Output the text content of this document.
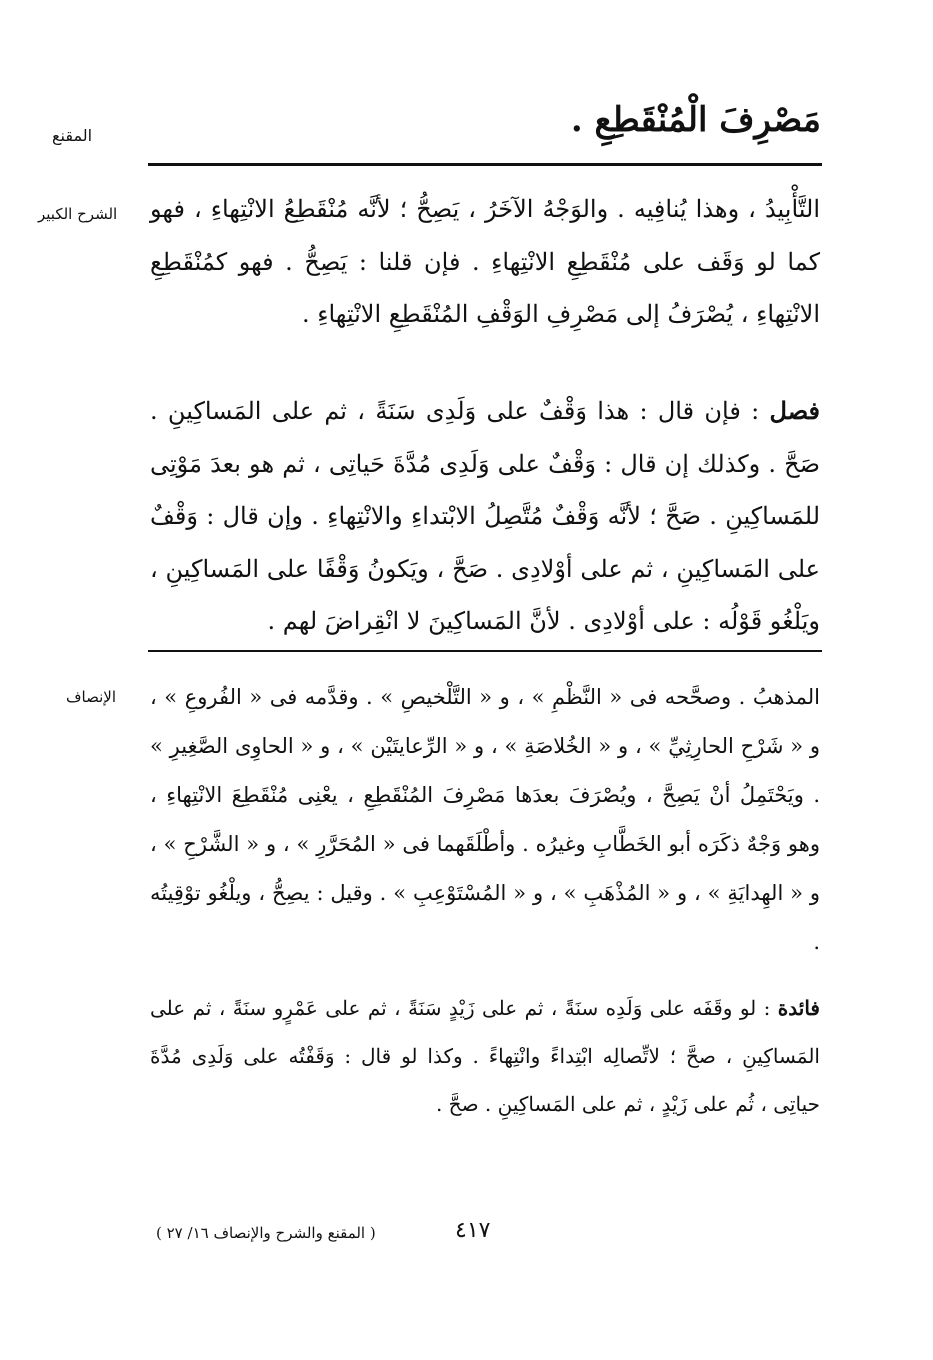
مَصْرِفَ الْمُنْقَطِعِ .
المقنع
الشرح الكبير التَّأْبِيدُ ، وهذا يُنافِيه . والوَجْهُ الآخَرُ ، يَصِحُّ ؛ لأنَّه مُنْقَطِعُ الانْتِهاءِ ، فهو كما لو وَقَف على مُنْقَطِعِ الانْتِهاءِ . فإن قلنا : يَصِحُّ . فهو كمُنْقَطِعِ الانْتِهاءِ ، يُصْرَفُ إلى مَصْرِفِ الوَقْفِ المُنْقَطِعِ الانْتِهاءِ .
فصل : فإن قال : هذا وَقْفٌ على وَلَدِى سَنَةً ، ثم على المَساكِينِ . صَحَّ . وكذلك إن قال : وَقْفٌ على وَلَدِى مُدَّةَ حَياتِى ، ثم هو بعدَ مَوْتِى للمَساكِينِ . صَحَّ ؛ لأنَّه وَقْفٌ مُتَّصِلُ الابْتداءِ والانْتِهاءِ . وإن قال : وَقْفٌ على المَساكِينِ ، ثم على أوْلادِى . صَحَّ ، ويَكونُ وَقْفًا على المَساكِينِ ، ويَلْغُو قَوْلُه : على أوْلادِى . لأنَّ المَساكِينَ لا انْقِراضَ لهم .
الإنصاف المذهبُ . وصحَّحه فى « النَّظْمِ » ، و « التَّلْخيصِ » . وقدَّمه فى « الفُروعِ » ، و « شَرْحِ الحارِثِيِّ » ، و « الخُلاصَةِ » ، و « الرِّعايتَيْن » ، و « الحاوِى الصَّغِيرِ » . ويَحْتَمِلُ أنْ يَصِحَّ ، ويُصْرَفَ بعدَها مَصْرِفَ المُنْقَطِعِ ، يعْنِى مُنْقَطِعَ الانْتِهاءِ ، وهو وَجْهٌ ذكَرَه أبو الخَطَّابِ وغيرُه . وأطْلَقَهما فى « المُحَرَّرِ » ، و « الشَّرْحِ » ، و « الهِدايَةِ » ، و « المُذْهَبِ » ، و « المُسْتَوْعِبِ » . وقيل : يصِحُّ ، ويلْغُو توْقِيتُه .
فائدة : لو وقَفَه على وَلَدِه سنَةً ، ثم على زَيْدٍ سَنَةً ، ثم على عَمْرٍو سنَةً ، ثم على المَساكِينِ ، صحَّ ؛ لاتِّصالِه ابْتِداءً وانْتِهاءً . وكذا لو قال : وَقَفْتُه على وَلَدِى مُدَّةَ حياتِى ، ثُم على زَيْدٍ ، ثم على المَساكِينِ . صحَّ .
٤١٧
( المقنع والشرح والإنصاف ١٦/ ٢٧ )
